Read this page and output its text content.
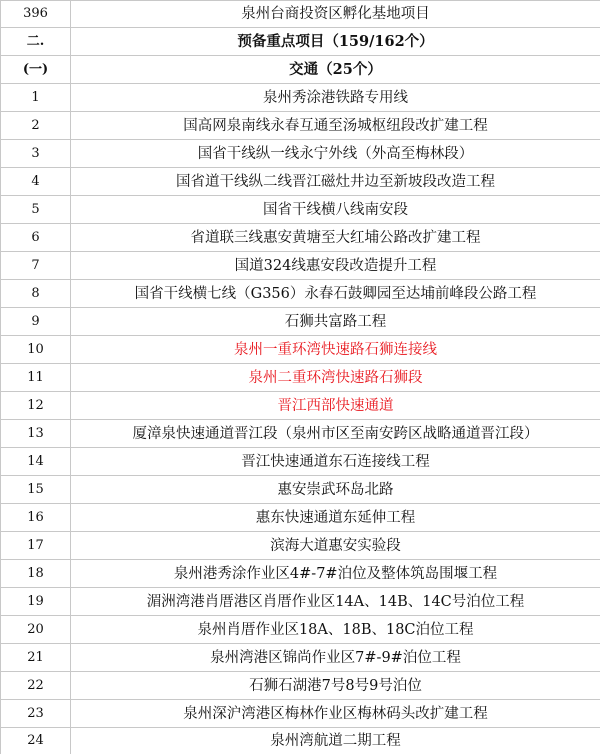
396	泉州台商投资区孵化基地项目
二.	预备重点项目（159/162个）
(一)	交通（25个）
1	泉州秀涂港铁路专用线
2	国高网泉南线永春互通至汤城枢纽段改扩建工程
3	国省干线纵一线永宁外线（外高至梅林段）
4	国省道干线纵二线晋江磁灶井边至新坡段改造工程
5	国省干线横八线南安段
6	省道联三线惠安黄塘至大红埔公路改扩建工程
7	国道324线惠安段改造提升工程
8	国省干线横七线（G356）永春石鼓卿园至达埔前峰段公路工程
9	石狮共富路工程
10	泉州一重环湾快速路石狮连接线
11	泉州二重环湾快速路石狮段
12	晋江西部快速通道
13	厦漳泉快速通道晋江段（泉州市区至南安跨区战略通道晋江段）
14	晋江快速通道东石连接线工程
15	惠安崇武环岛北路
16	惠东快速通道东延伸工程
17	滨海大道惠安实验段
18	泉州港秀涂作业区4#-7#泊位及整体筑岛围堰工程
19	湄洲湾港肖厝港区肖厝作业区14A、14B、14C号泊位工程
20	泉州肖厝作业区18A、18B、18C泊位工程
21	泉州湾港区锦尚作业区7#-9#泊位工程
22	石狮石湖港7号8号9号泊位
23	泉州深沪湾港区梅林作业区梅林码头改扩建工程
24	泉州湾航道二期工程
